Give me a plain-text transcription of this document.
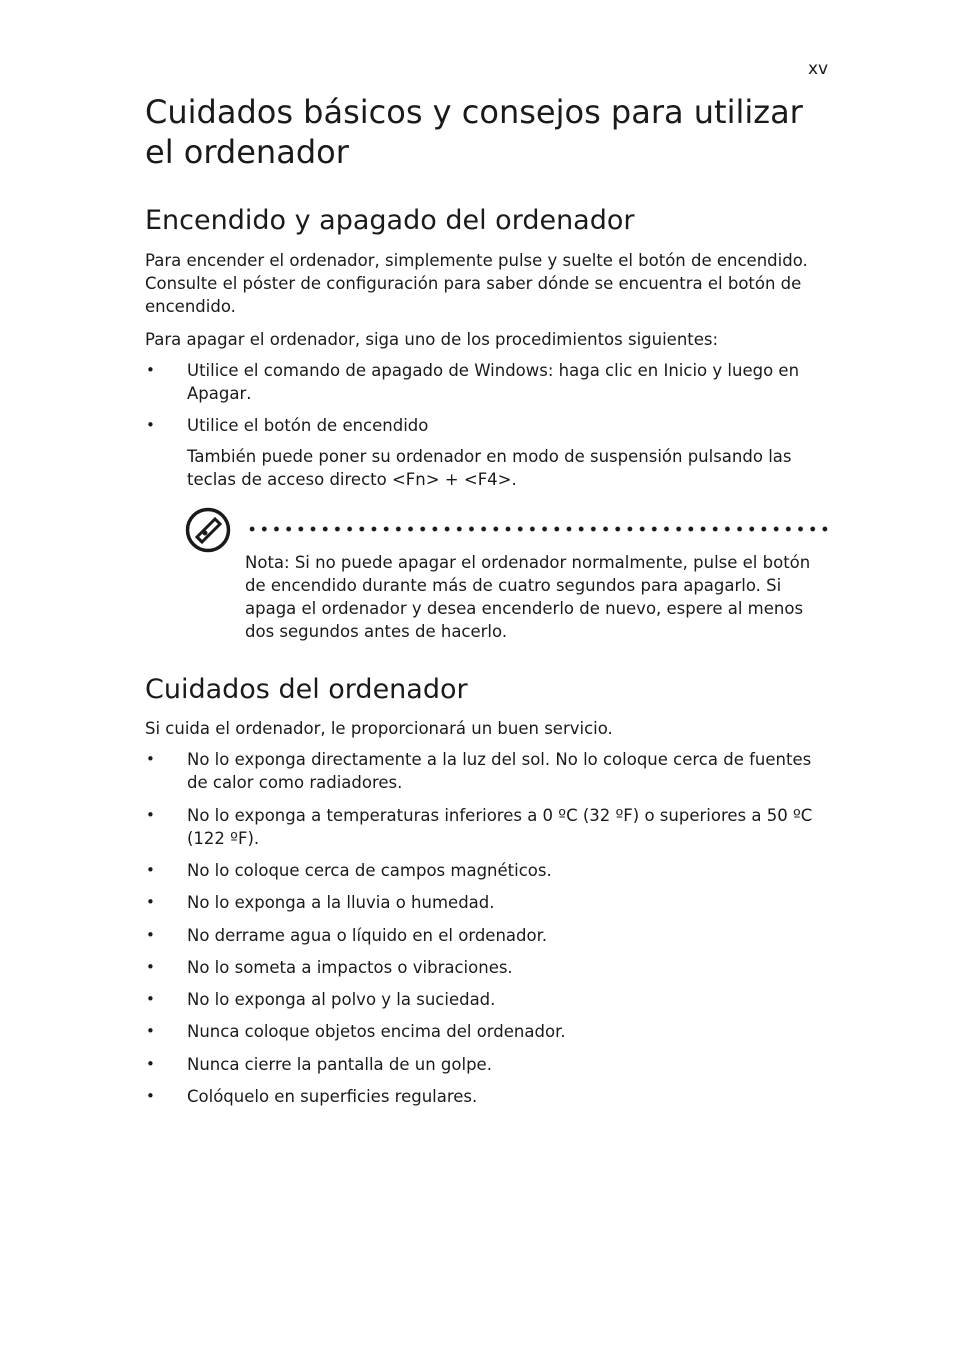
xv
Cuidados básicos y consejos para utilizar el ordenador
Encendido y apagado del ordenador

Para encender el ordenador, simplemente pulse y suelte el botón de encendido. Consulte el póster de configuración para saber dónde se encuentra el botón de encendido.

Para apagar el ordenador, siga uno de los procedimientos siguientes:

• Utilice el comando de apagado de Windows: haga clic en Inicio y luego en Apagar.

• Utilice el botón de encendido

También puede poner su ordenador en modo de suspensión pulsando las teclas de acceso directo <Fn> + <F4>.

Nota: Si no puede apagar el ordenador normalmente, pulse el botón de encendido durante más de cuatro segundos para apagarlo. Si apaga el ordenador y desea encenderlo de nuevo, espere al menos dos segundos antes de hacerlo.

Cuidados del ordenador

Si cuida el ordenador, le proporcionará un buen servicio.

• No lo exponga directamente a la luz del sol. No lo coloque cerca de fuentes de calor como radiadores.

• No lo exponga a temperaturas inferiores a 0 ºC (32 ºF) o superiores a 50 ºC (122 ºF).

• No lo coloque cerca de campos magnéticos.

• No lo exponga a la lluvia o humedad.

• No derrame agua o líquido en el ordenador.

• No lo someta a impactos o vibraciones.

• No lo exponga al polvo y la suciedad.

• Nunca coloque objetos encima del ordenador.

• Nunca cierre la pantalla de un golpe.

• Colóquelo en superficies regulares.
